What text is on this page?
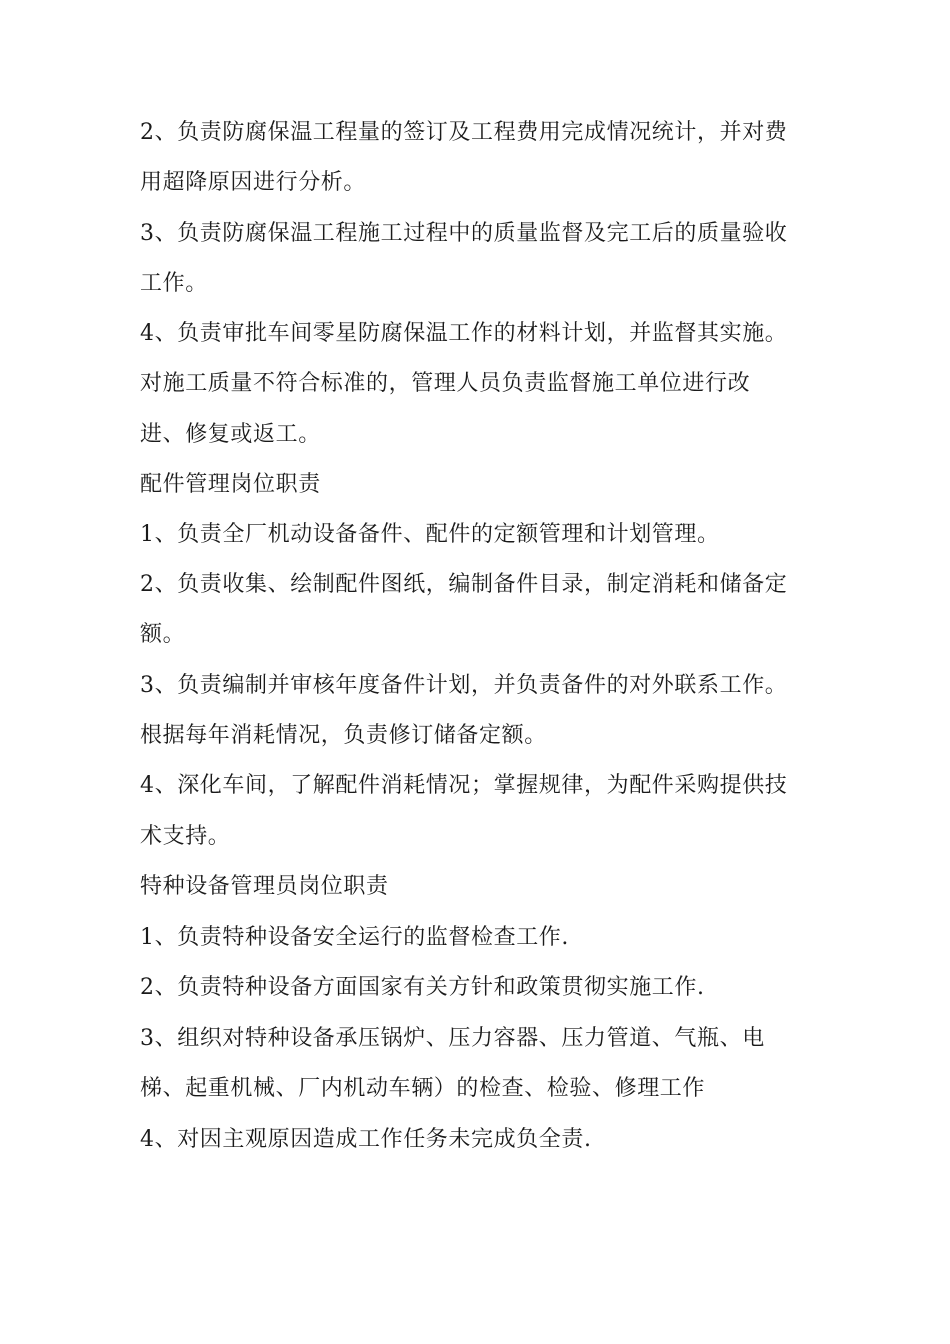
2、负责防腐保温工程量的签订及工程费用完成情况统计，并对费

用超降原因进行分析。

3、负责防腐保温工程施工过程中的质量监督及完工后的质量验收

工作。

4、负责审批车间零星防腐保温工作的材料计划，并监督其实施。

对施工质量不符合标准的，管理人员负责监督施工单位进行改

进、修复或返工。

配件管理岗位职责

1、负责全厂机动设备备件、配件的定额管理和计划管理。

2、负责收集、绘制配件图纸，编制备件目录，制定消耗和储备定

额。

3、负责编制并审核年度备件计划，并负责备件的对外联系工作。

根据每年消耗情况，负责修订储备定额。

4、深化车间，了解配件消耗情况；掌握规律，为配件采购提供技

术支持。

特种设备管理员岗位职责

1、负责特种设备安全运行的监督检查工作.

2、负责特种设备方面国家有关方针和政策贯彻实施工作.

3、组织对特种设备承压锅炉、压力容器、压力管道、气瓶、电

梯、起重机械、厂内机动车辆）的检查、检验、修理工作

4、对因主观原因造成工作任务未完成负全责.
